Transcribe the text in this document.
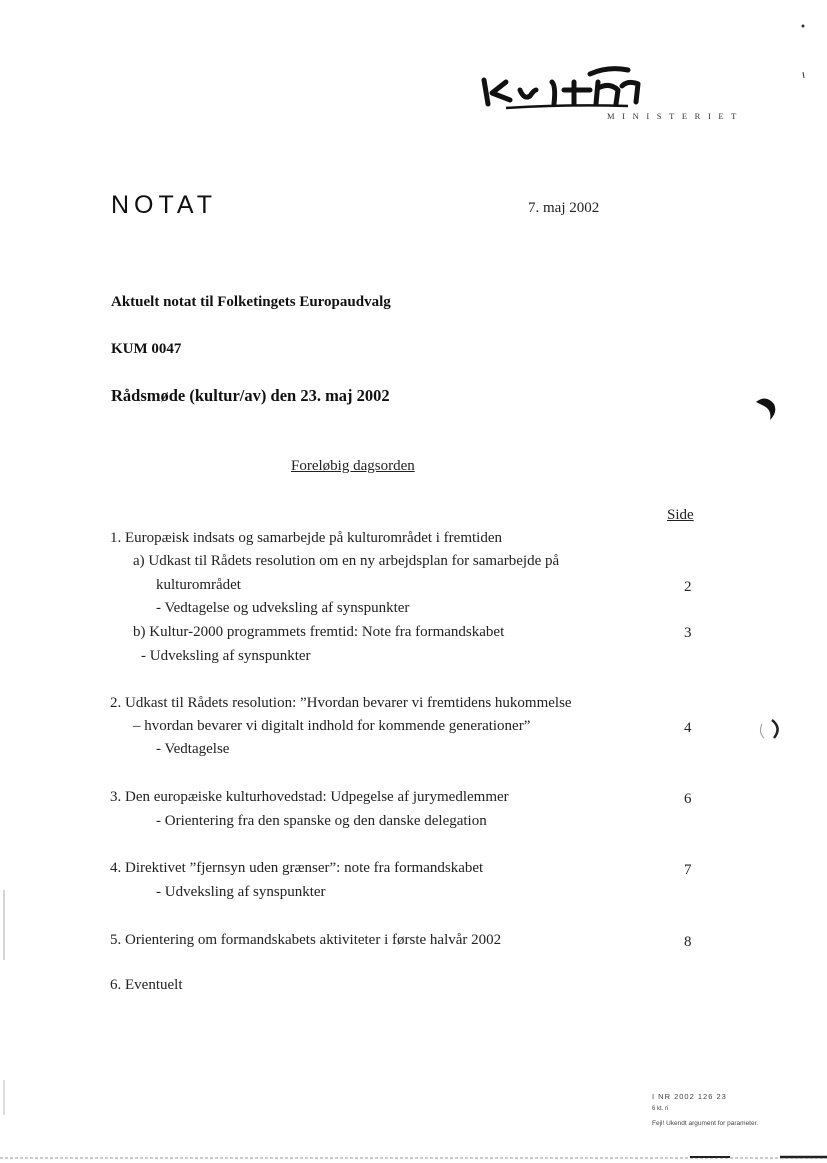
MINISTERIET
NOTAT	7. maj 2002
Aktuelt notat til Folketingets Europaudvalg
KUM 0047
Rådsmøde (kultur/av) den 23. maj 2002
Foreløbig dagsorden
Side
1. Europæisk indsats og samarbejde på kulturområdet i fremtiden
a) Udkast til Rådets resolution om en ny arbejdsplan for samarbejde på
kulturområdet
- Vedtagelse og udveksling af synspunkter
b) Kultur-2000 programmets fremtid: Note fra formandskabet
- Udveksling af synspunkter
2. Udkast til Rådets resolution: ”Hvordan bevarer vi fremtidens hukommelse
– hvordan bevarer vi digitalt indhold for kommende generationer”
- Vedtagelse
3. Den europæiske kulturhovedstad: Udpegelse af jurymedlemmer
- Orientering fra den spanske og den danske delegation
4. Direktivet ”fjernsyn uden grænser”: note fra formandskabet
- Udveksling af synspunkter
5. Orientering om formandskabets aktiviteter i første halvår 2002
6. Eventuelt
2
3
4
6
7
8
I NR 2002 126 23
6 kt. ri
Fejl! Ukendt argument for parameter.
